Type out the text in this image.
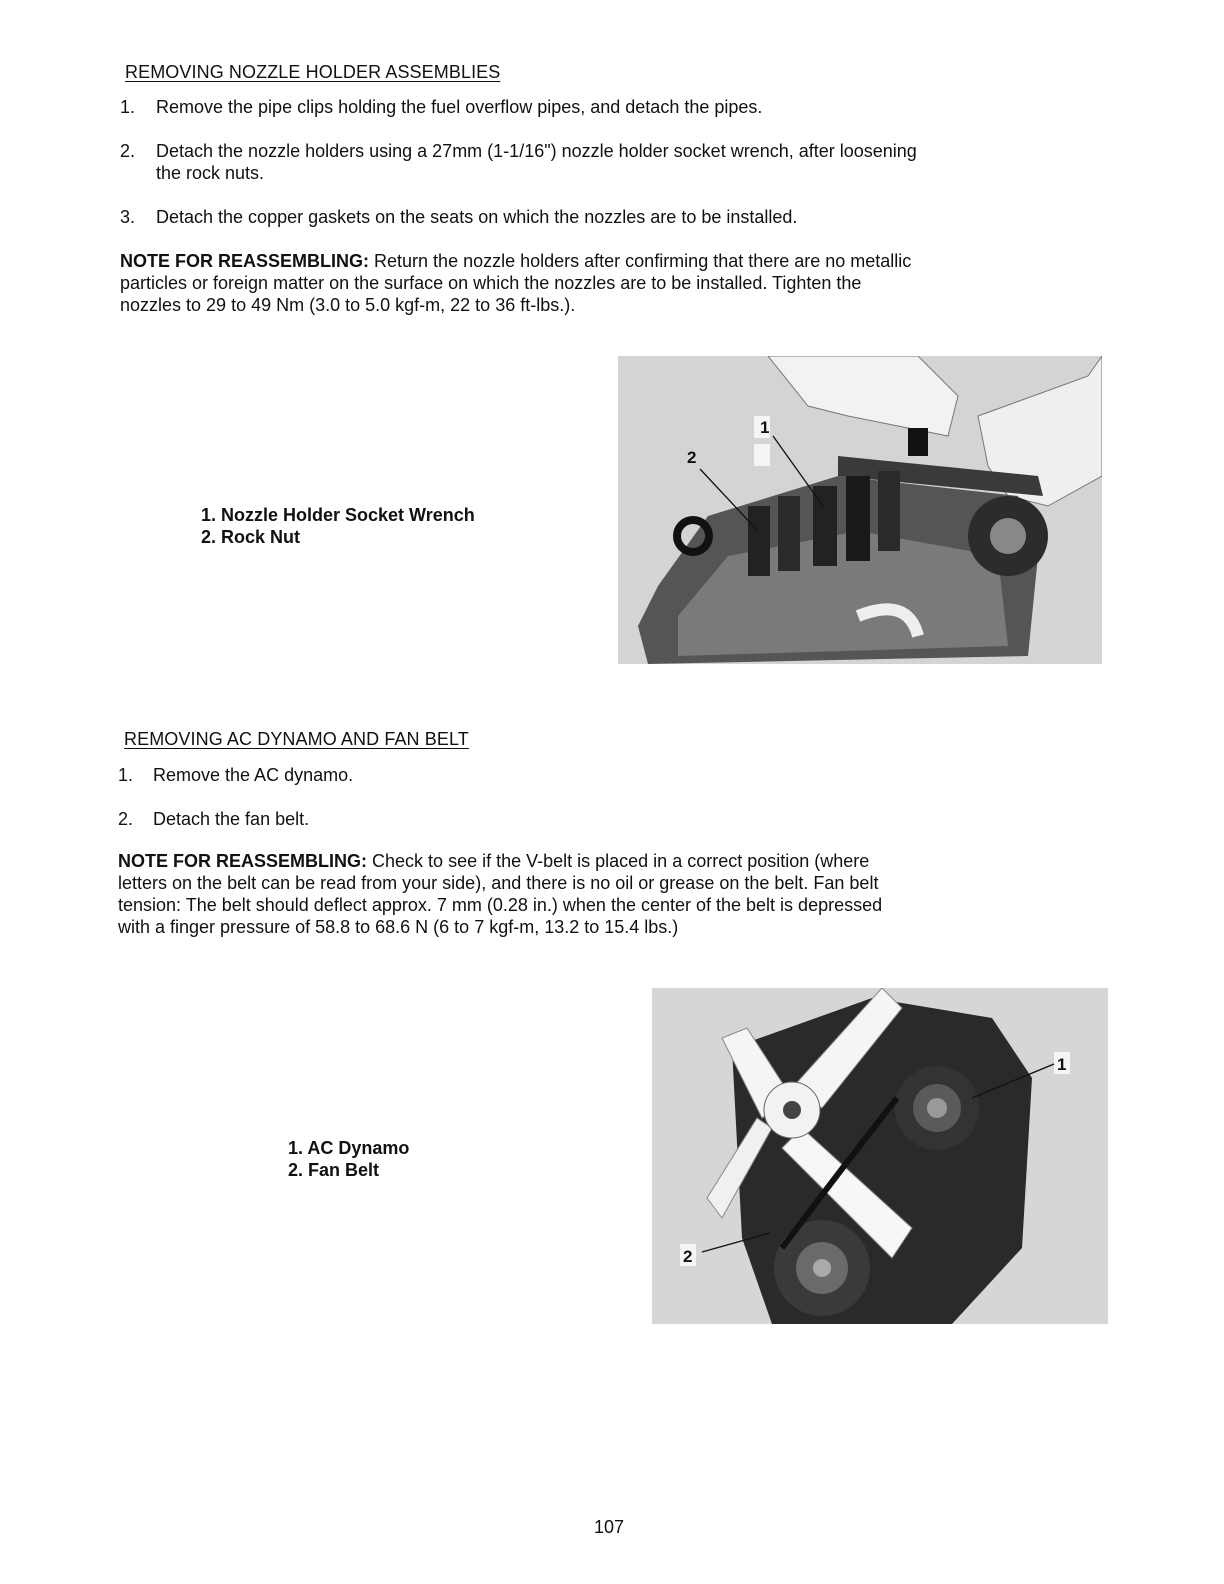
REMOVING NOZZLE HOLDER ASSEMBLIES
1. Remove the pipe clips holding the fuel overflow pipes, and detach the pipes.
2. Detach the nozzle holders using a 27mm (1-1/16") nozzle holder socket wrench, after loosening
the rock nuts.
3. Detach the copper gaskets on the seats on which the nozzles are to be installed.
NOTE FOR REASSEMBLING: Return the nozzle holders after confirming that there are no metallic
particles or foreign matter on the surface on which the nozzles are to be installed. Tighten the
nozzles to 29 to 49 Nm (3.0 to 5.0 kgf-m, 22 to 36 ft-lbs.).
1. Nozzle Holder Socket Wrench
2. Rock Nut
1
2
REMOVING AC DYNAMO AND FAN BELT
1. Remove the AC dynamo.
2. Detach the fan belt.
NOTE FOR REASSEMBLING: Check to see if the V-belt is placed in a correct position (where
letters on the belt can be read from your side), and there is no oil or grease on the belt. Fan belt
tension: The belt should deflect approx. 7 mm (0.28 in.) when the center of the belt is depressed
with a finger pressure of 58.8 to 68.6 N (6 to 7 kgf-m, 13.2 to 15.4 lbs.)
1. AC Dynamo
2. Fan Belt
1
2
107
